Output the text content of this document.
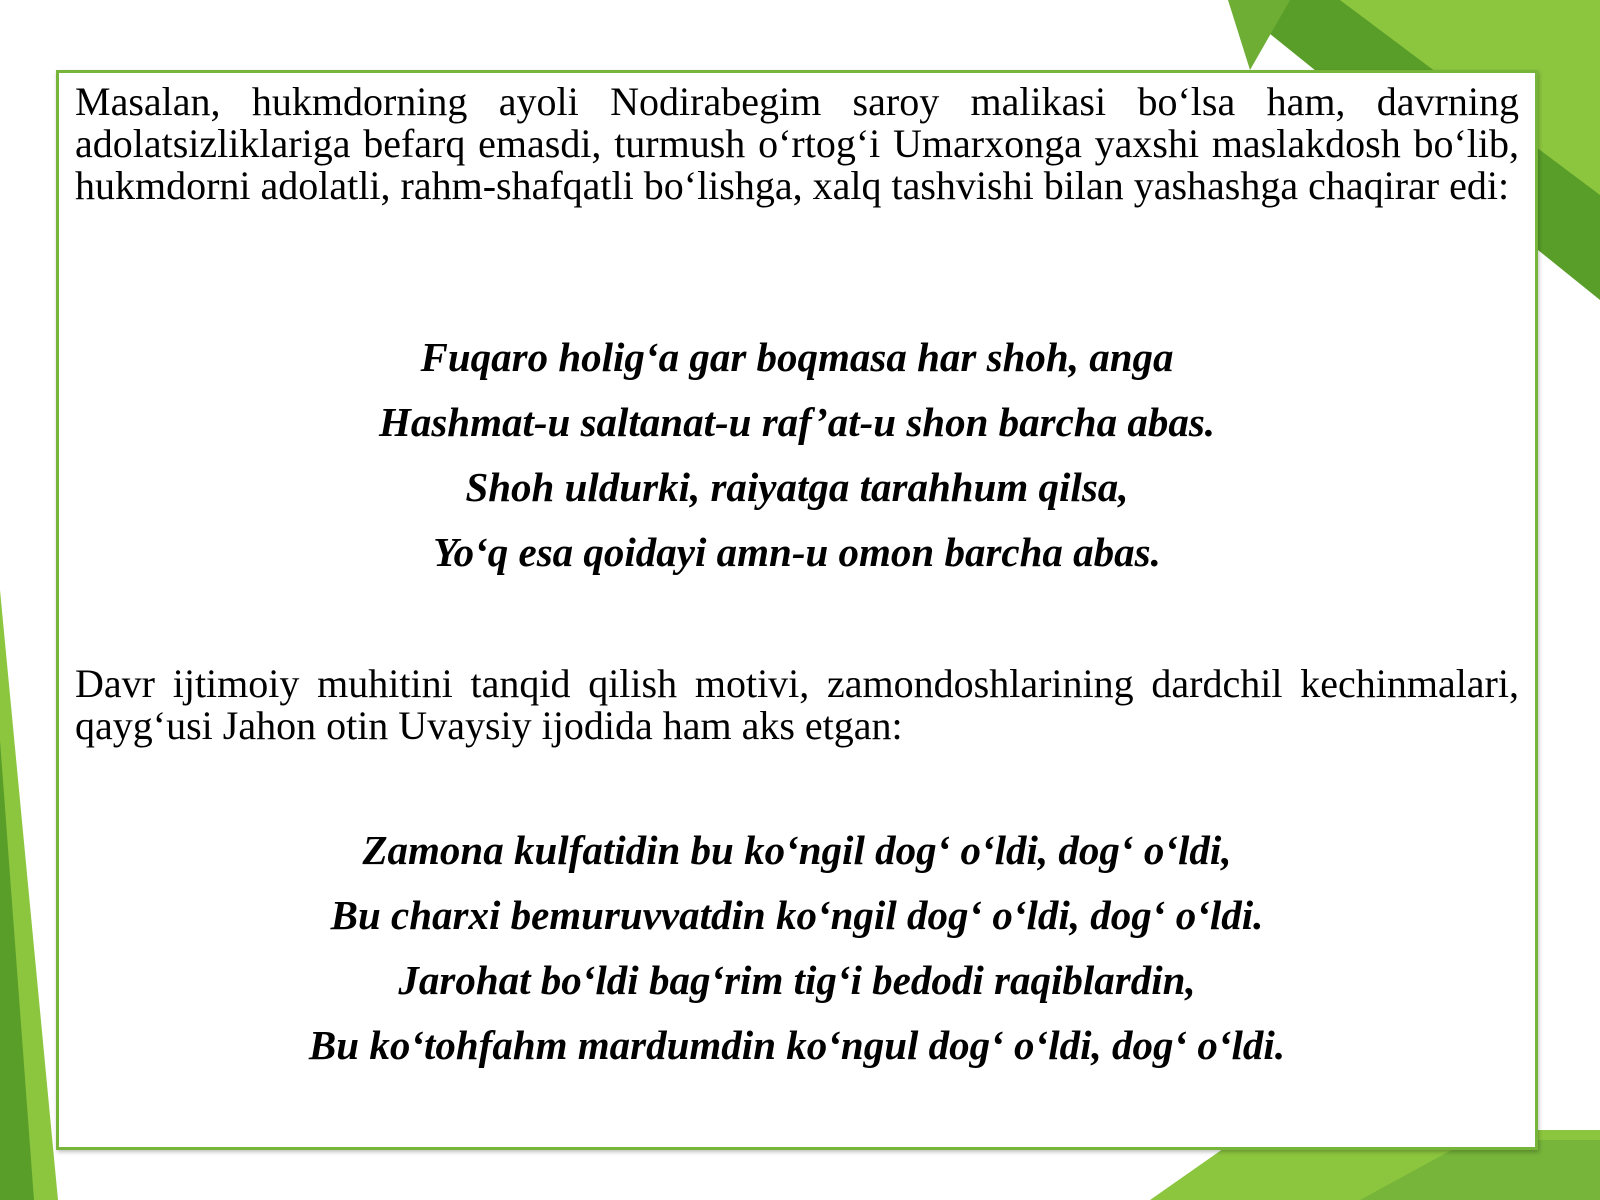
Masalan, hukmdorning ayoli Nodirabegim saroy malikasi bo‘lsa ham, davrning adolatsizliklariga befarq emasdi, turmush o‘rtog‘i Umarxonga yaxshi maslakdosh bo‘lib, hukmdorni adolatli, rahm-shafqatli bo‘lishga, xalq tashvishi bilan yashashga chaqirar edi:

Fuqaro holig‘a gar boqmasa har shoh, anga
Hashmat-u saltanat-u raf’at-u shon barcha abas.
Shoh uldurki, raiyatga tarahhum qilsa,
Yo‘q esa qoidayi amn-u omon barcha abas.

Davr ijtimoiy muhitini tanqid qilish motivi, zamondoshlarining dardchil kechinmalari, qayg‘usi Jahon otin Uvaysiy ijodida ham aks etgan:

Zamona kulfatidin bu ko‘ngil dog‘ o‘ldi, dog‘ o‘ldi,
Bu charxi bemuruvvatdin ko‘ngil dog‘ o‘ldi, dog‘ o‘ldi.
Jarohat bo‘ldi bag‘rim tig‘i bedodi raqiblardin,
Bu ko‘tohfahm mardumdin ko‘ngul dog‘ o‘ldi, dog‘ o‘ldi.
